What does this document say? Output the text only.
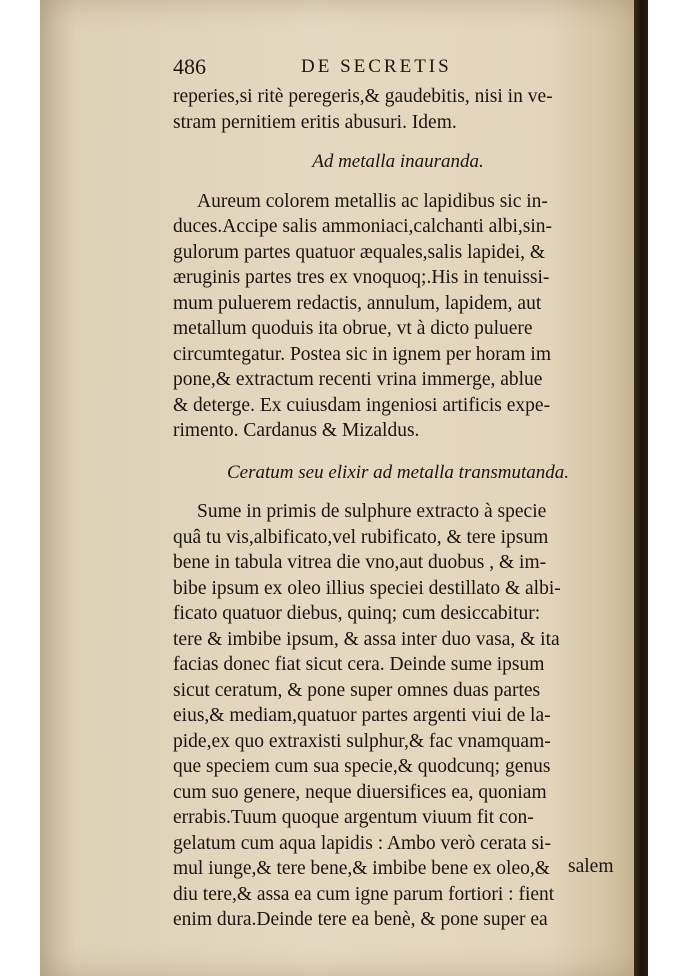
486	DE SECRETIS
reperies,si ritè peregeris,& gaudebitis, nisi in ve-
stram pernitiem eritis abusuri. Idem.
Ad metalla inauranda.
Aureum colorem metallis ac lapidibus sic in-
duces.Accipe salis ammoniaci,calchanti albi,sin-
gulorum partes quatuor æquales,salis lapidei, &
æruginis partes tres ex vnoquoq;.His in tenuissi-
mum puluerem redactis, annulum, lapidem, aut
metallum quoduis ita obrue, vt à dicto puluere
circumtegatur. Postea sic in ignem per horam im
pone,& extractum recenti vrina immerge, ablue
& deterge. Ex cuiusdam ingeniosi artificis expe-
rimento. Cardanus & Mizaldus.
Ceratum seu elixir ad metalla transmutanda.
Sume in primis de sulphure extracto à specie
quâ tu vis,albificato,vel rubificato, & tere ipsum
bene in tabula vitrea die vno,aut duobus , & im-
bibe ipsum ex oleo illius speciei destillato & albi-
ficato quatuor diebus, quinq; cum desiccabitur:
tere & imbibe ipsum, & assa inter duo vasa, & ita
facias donec fiat sicut cera. Deinde sume ipsum
sicut ceratum, & pone super omnes duas partes
eius,& mediam,quatuor partes argenti viui de la-
pide,ex quo extraxisti sulphur,& fac vnamquam-
que speciem cum sua specie,& quodcunq; genus
cum suo genere, neque diuersifices ea, quoniam
errabis.Tuum quoque argentum viuum fit con-
gelatum cum aqua lapidis : Ambo verò cerata si-
mul iunge,& tere bene,& imbibe bene ex oleo,&
diu tere,& assa ea cum igne parum fortiori : fient
enim dura.Deinde tere ea benè, & pone super ea
salem
